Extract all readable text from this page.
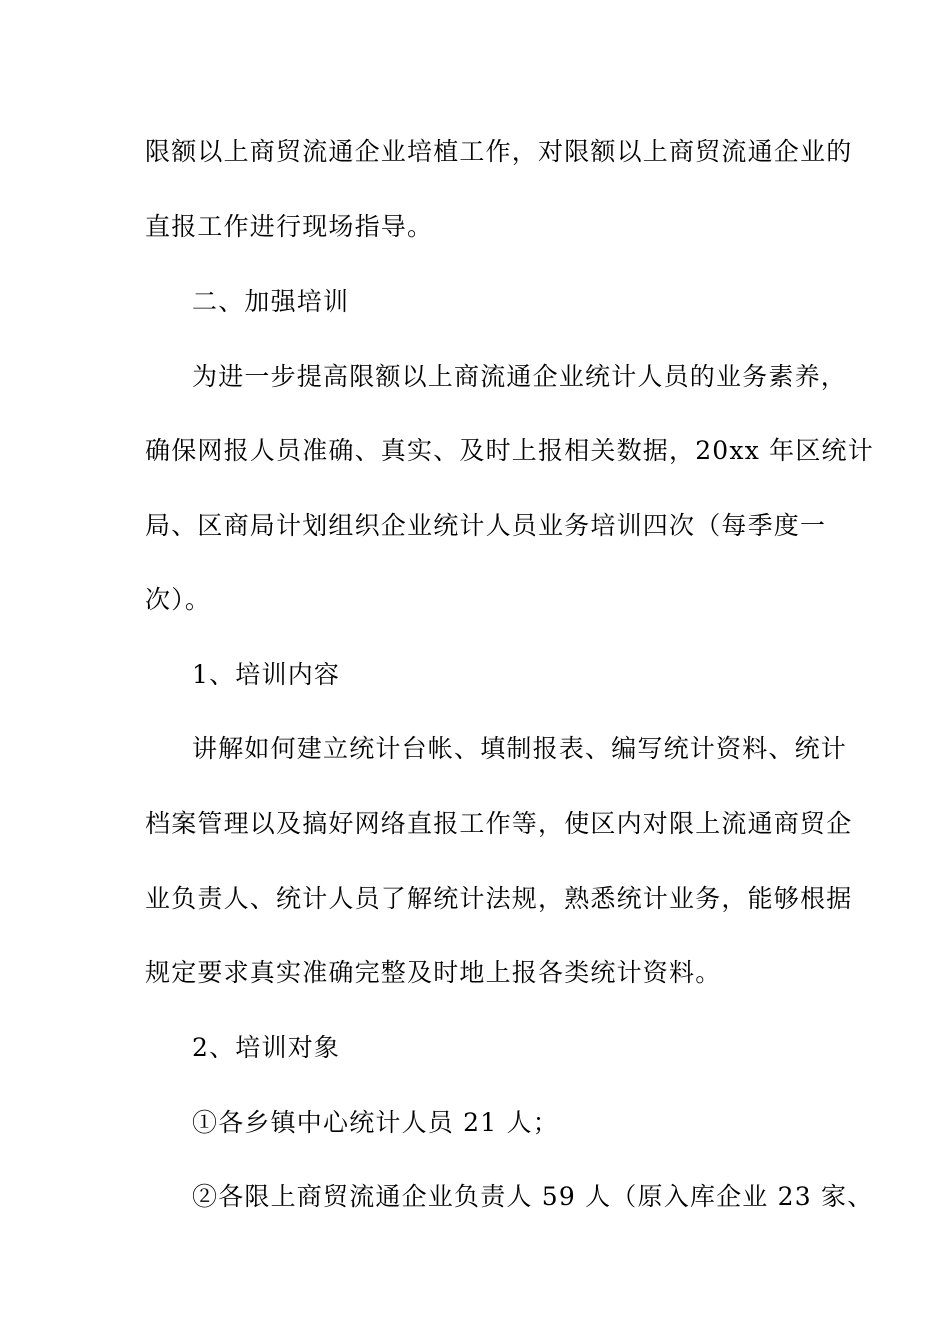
限额以上商贸流通企业培植工作，对限额以上商贸流通企业的
直报工作进行现场指导。
二、加强培训
为进一步提高限额以上商流通企业统计人员的业务素养，
确保网报人员准确、真实、及时上报相关数据，20xx 年区统计
局、区商局计划组织企业统计人员业务培训四次（每季度一
次）。
1、培训内容
讲解如何建立统计台帐、填制报表、编写统计资料、统计
档案管理以及搞好网络直报工作等，使区内对限上流通商贸企
业负责人、统计人员了解统计法规，熟悉统计业务，能够根据
规定要求真实准确完整及时地上报各类统计资料。
2、培训对象
①各乡镇中心统计人员 21 人；
②各限上商贸流通企业负责人 59 人（原入库企业 23 家、
